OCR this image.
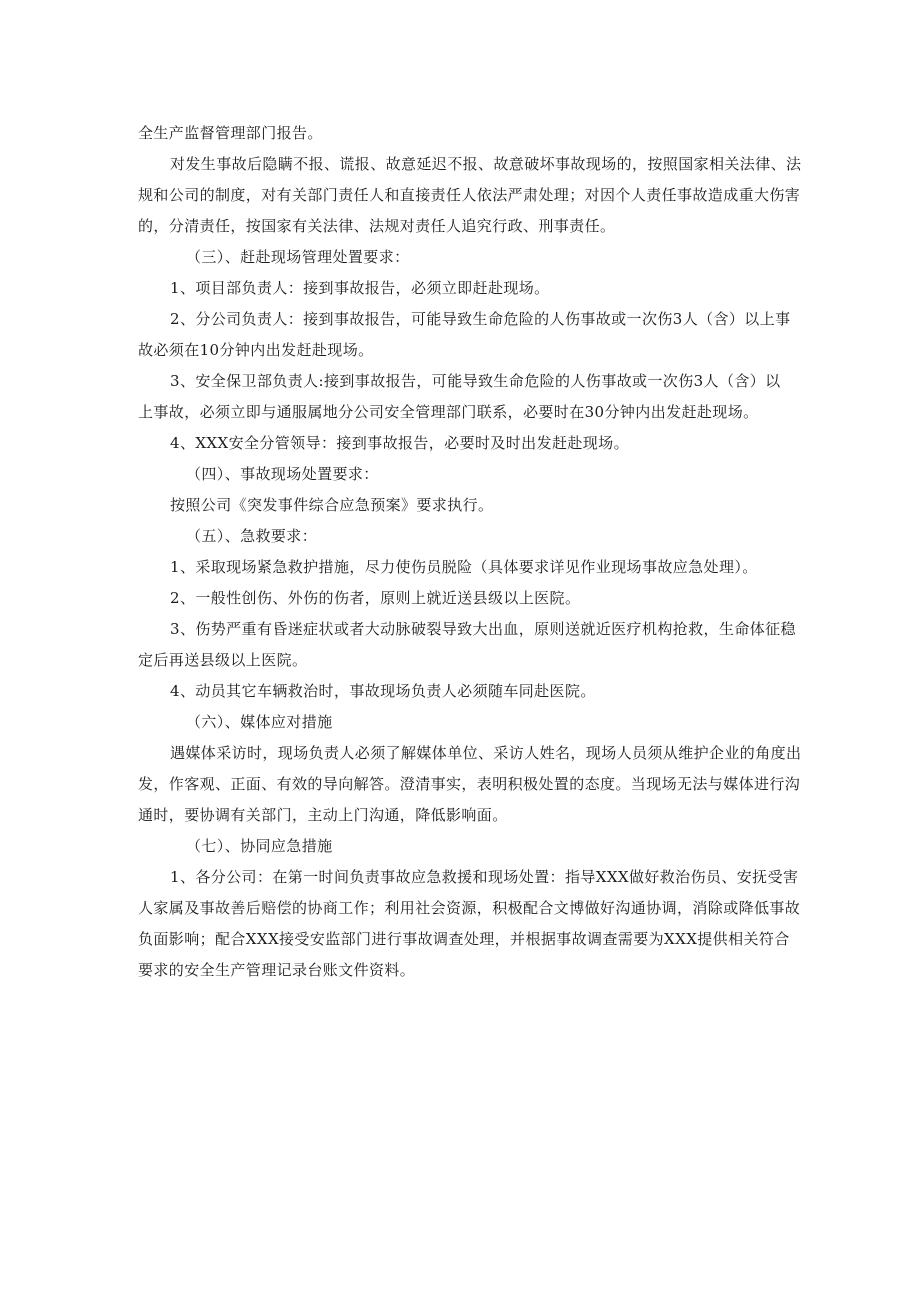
全生产监督管理部门报告。
对发生事故后隐瞒不报、谎报、故意延迟不报、故意破坏事故现场的，按照国家相关法律、法
规和公司的制度，对有关部门责任人和直接责任人依法严肃处理；对因个人责任事故造成重大伤害
的，分清责任，按国家有关法律、法规对责任人追究行政、刑事责任。
（三）、赶赴现场管理处置要求：
1、项目部负责人：接到事故报告，必须立即赶赴现场。
2、分公司负责人：接到事故报告，可能导致生命危险的人伤事故或一次伤3人（含）以上事
故必须在10分钟内出发赶赴现场。
3、安全保卫部负责人:接到事故报告，可能导致生命危险的人伤事故或一次伤3人（含）以
上事故，必须立即与通服属地分公司安全管理部门联系，必要时在30分钟内出发赶赴现场。
4、XXX安全分管领导：接到事故报告，必要时及时出发赶赴现场。
（四）、事故现场处置要求：
按照公司《突发事件综合应急预案》要求执行。
（五）、急救要求：
1、采取现场紧急救护措施，尽力使伤员脱险（具体要求详见作业现场事故应急处理）。
2、一般性创伤、外伤的伤者，原则上就近送县级以上医院。
3、伤势严重有昏迷症状或者大动脉破裂导致大出血，原则送就近医疗机构抢救，生命体征稳
定后再送县级以上医院。
4、动员其它车辆救治时，事故现场负责人必须随车同赴医院。
（六）、媒体应对措施
遇媒体采访时，现场负责人必须了解媒体单位、采访人姓名，现场人员须从维护企业的角度出
发，作客观、正面、有效的导向解答。澄清事实，表明积极处置的态度。当现场无法与媒体进行沟
通时，要协调有关部门，主动上门沟通，降低影响面。
（七）、协同应急措施
1、各分公司：在第一时间负责事故应急救援和现场处置：指导XXX做好救治伤员、安抚受害
人家属及事故善后赔偿的协商工作；利用社会资源，积极配合文博做好沟通协调，消除或降低事故
负面影响；配合XXX接受安监部门进行事故调查处理，并根据事故调查需要为XXX提供相关符合
要求的安全生产管理记录台账文件资料。
